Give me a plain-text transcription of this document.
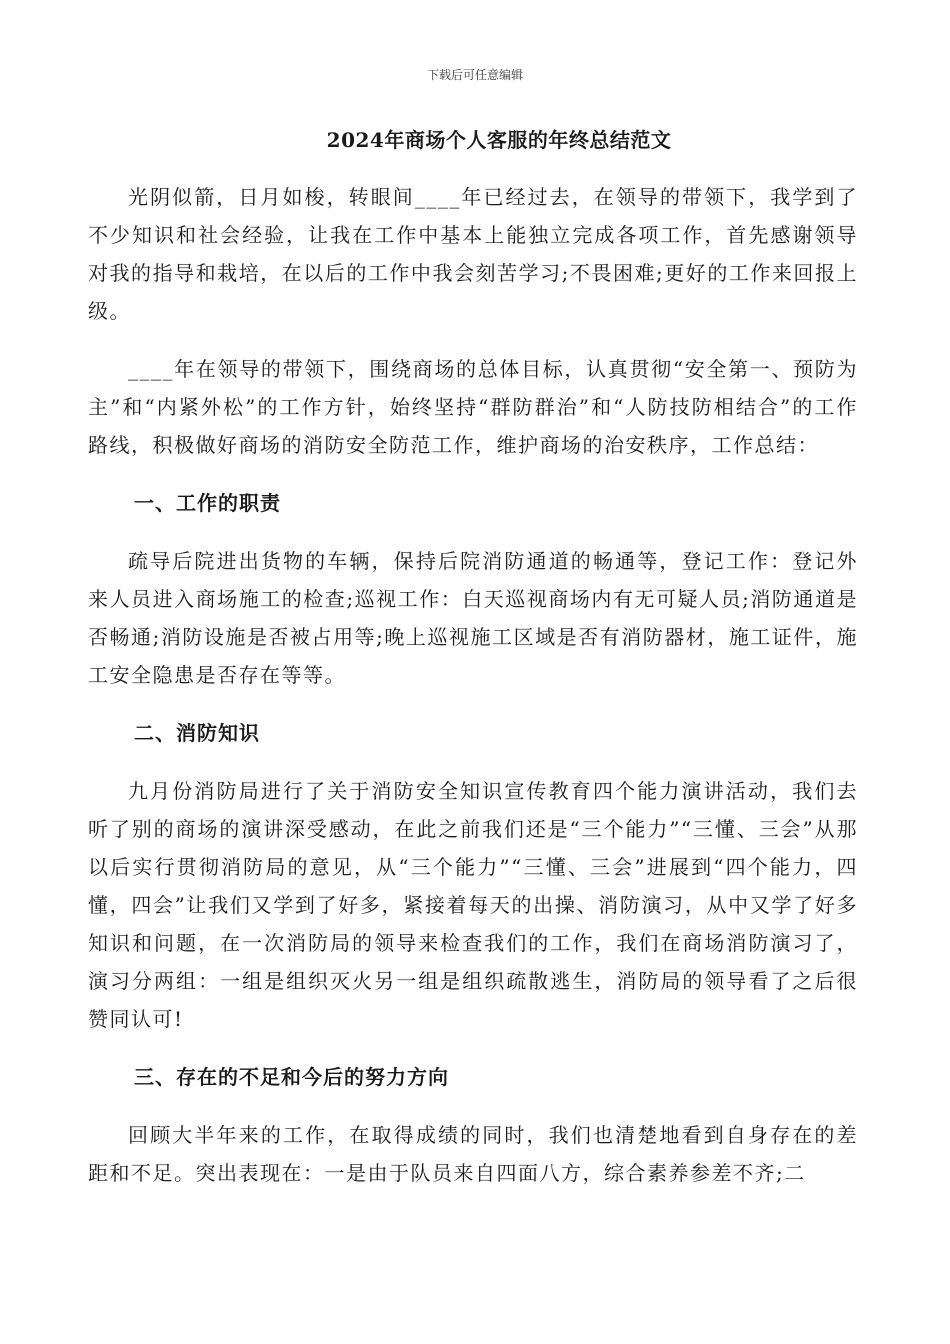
下载后可任意编辑
2024年商场个人客服的年终总结范文

光阴似箭，日月如梭，转眼间____年已经过去，在领导的带领下，我学到了不少知识和社会经验，让我在工作中基本上能独立完成各项工作，首先感谢领导对我的指导和栽培，在以后的工作中我会刻苦学习;不畏困难;更好的工作来回报上级。

____年在领导的带领下，围绕商场的总体目标，认真贯彻“安全第一、预防为主”和“内紧外松”的工作方针，始终坚持“群防群治”和“人防技防相结合”的工作路线，积极做好商场的消防安全防范工作，维护商场的治安秩序，工作总结：

一、工作的职责

疏导后院进出货物的车辆，保持后院消防通道的畅通等，登记工作：登记外来人员进入商场施工的检查;巡视工作：白天巡视商场内有无可疑人员;消防通道是否畅通;消防设施是否被占用等;晚上巡视施工区域是否有消防器材，施工证件，施工安全隐患是否存在等等。

二、消防知识

九月份消防局进行了关于消防安全知识宣传教育四个能力演讲活动，我们去听了别的商场的演讲深受感动，在此之前我们还是“三个能力”“三懂、三会”从那以后实行贯彻消防局的意见，从“三个能力”“三懂、三会”进展到“四个能力，四懂，四会”让我们又学到了好多，紧接着每天的出操、消防演习，从中又学了好多知识和问题，在一次消防局的领导来检查我们的工作，我们在商场消防演习了，演习分两组：一组是组织灭火另一组是组织疏散逃生，消防局的领导看了之后很赞同认可!

三、存在的不足和今后的努力方向

回顾大半年来的工作，在取得成绩的同时，我们也清楚地看到自身存在的差距和不足。突出表现在：一是由于队员来自四面八方，综合素养参差不齐;二
